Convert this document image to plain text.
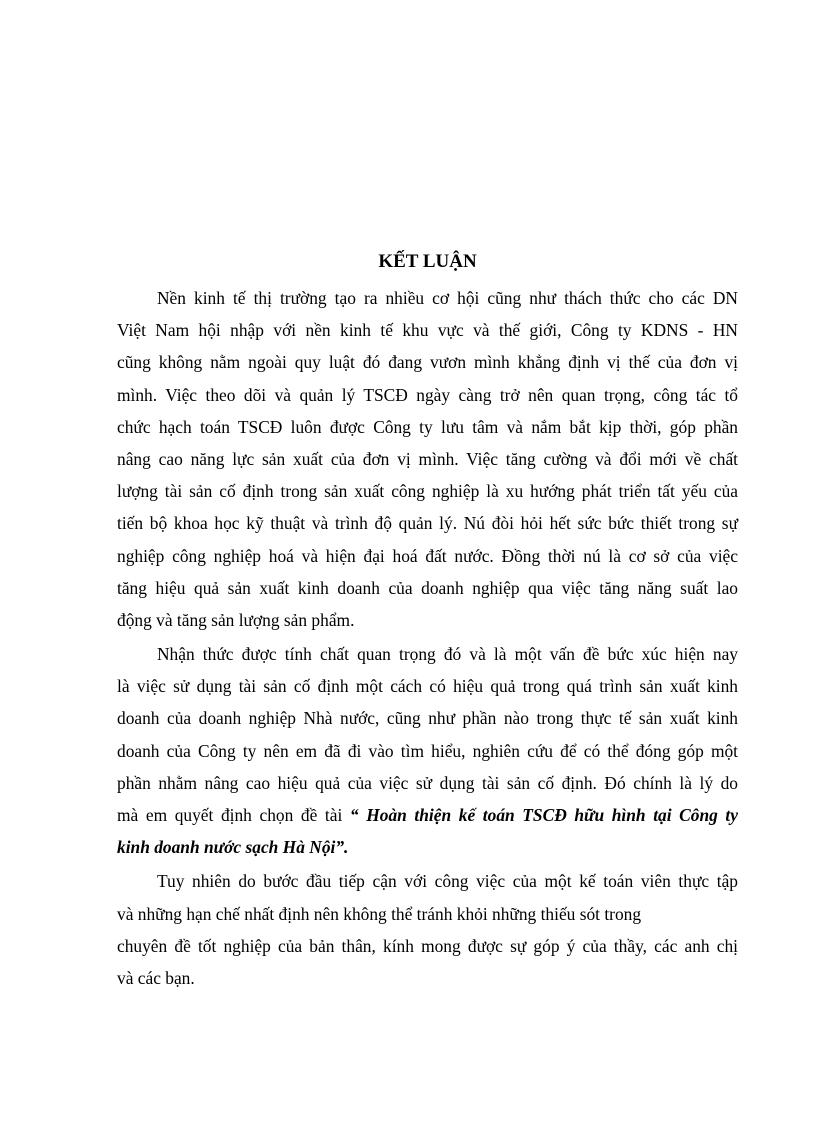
KẾT LUẬN
Nền kinh tế thị trường tạo ra nhiều cơ hội cũng như thách thức cho các DN
Việt Nam hội nhập với nền kinh tế khu vực và thế giới, Công ty KDNS - HN
cũng không nằm ngoài quy luật đó đang vươn mình khẳng định vị thế của đơn vị
mình. Việc theo dõi và quản lý TSCĐ ngày càng trở nên quan trọng, công tác tổ
chức hạch toán TSCĐ luôn được Công ty lưu tâm và nắm bắt kịp thời, góp phần
nâng cao năng lực sản xuất của đơn vị mình. Việc tăng cường và đổi mới về chất
lượng tài sản cố định trong sản xuất công nghiệp là xu hướng phát triển tất yếu của
tiến bộ khoa học kỹ thuật và trình độ quản lý. Nú đòi hỏi hết sức bức thiết trong sự
nghiệp công nghiệp hoá và hiện đại hoá đất nước. Đồng thời nú là cơ sở của việc
tăng hiệu quả sản xuất kinh doanh của doanh nghiệp qua việc tăng năng suất lao
động và tăng sản lượng sản phẩm.
Nhận thức được tính chất quan trọng đó và là một vấn đề bức xúc hiện nay
là việc sử dụng tài sản cố định một cách có hiệu quả trong quá trình sản xuất kinh
doanh của doanh nghiệp Nhà nước, cũng như phần nào trong thực tế sản xuất kinh
doanh của Công ty nên em đã đi vào tìm hiểu, nghiên cứu để có thể đóng góp một
phần nhằm nâng cao hiệu quả của việc sử dụng tài sản cố định. Đó chính là lý do
mà em quyết định chọn đề tài “ Hoàn thiện kế toán TSCĐ hữu hình tại Công ty
kinh doanh nước sạch Hà Nội”.
Tuy nhiên do bước đầu tiếp cận với công việc của một kế toán viên thực tập
và những hạn chế nhất định nên không thể tránh khỏi những thiếu sót trong
chuyên đề tốt nghiệp của bản thân, kính mong được sự góp ý của thầy, các anh chị
và các bạn.
